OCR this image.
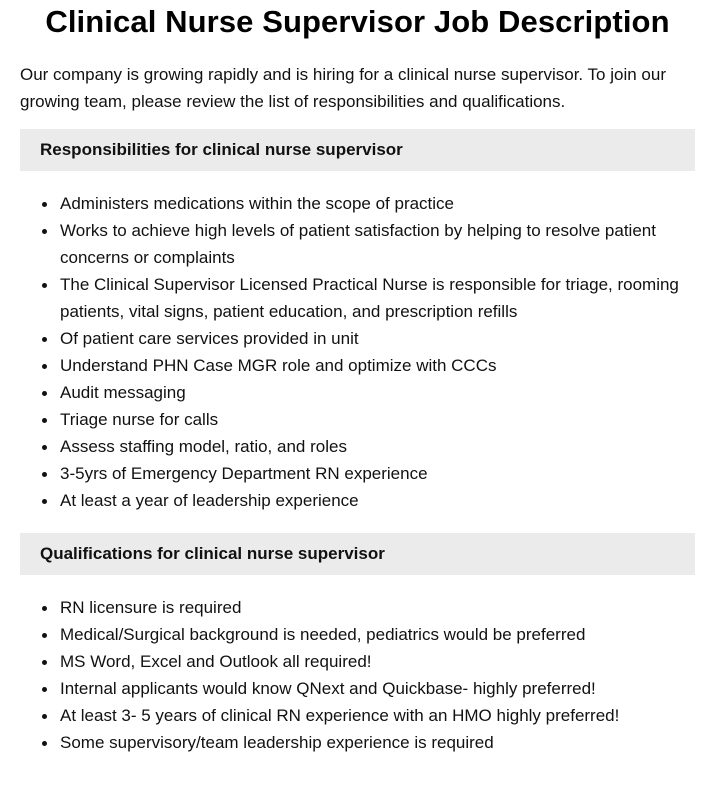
Clinical Nurse Supervisor Job Description

Our company is growing rapidly and is hiring for a clinical nurse supervisor. To join our growing team, please review the list of responsibilities and qualifications.

Responsibilities for clinical nurse supervisor
Administers medications within the scope of practice
Works to achieve high levels of patient satisfaction by helping to resolve patient concerns or complaints
The Clinical Supervisor Licensed Practical Nurse is responsible for triage, rooming patients, vital signs, patient education, and prescription refills
Of patient care services provided in unit
Understand PHN Case MGR role and optimize with CCCs
Audit messaging
Triage nurse for calls
Assess staffing model, ratio, and roles
3-5yrs of Emergency Department RN experience
At least a year of leadership experience
Qualifications for clinical nurse supervisor
RN licensure is required
Medical/Surgical background is needed, pediatrics would be preferred
MS Word, Excel and Outlook all required!
Internal applicants would know QNext and Quickbase- highly preferred!
At least 3- 5 years of clinical RN experience with an HMO highly preferred!
Some supervisory/team leadership experience is required
